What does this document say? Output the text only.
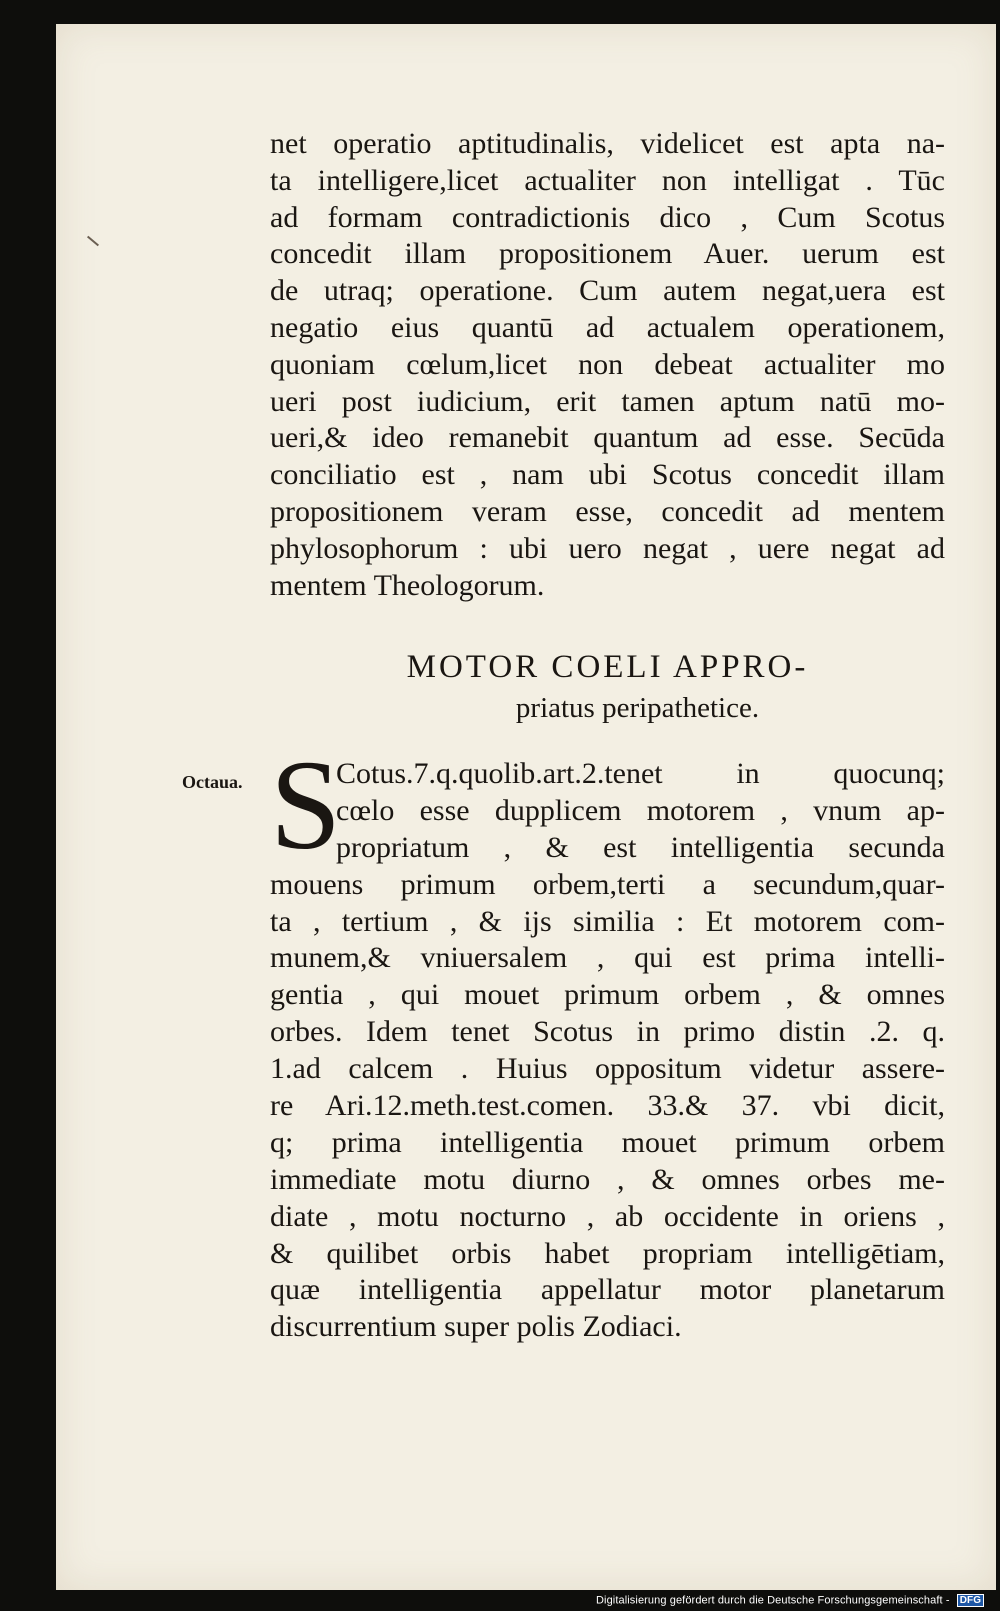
net operatio aptitudinalis, videlicet est apta na-
ta intelligere,licet actualiter non intelligat . Tūc
ad formam contradictionis dico , Cum Scotus
concedit illam propositionem Auer. uerum est
de utraq; operatione. Cum autem negat,uera est
negatio eius quantū ad actualem operationem,
quoniam cœlum,licet non debeat actualiter mo
ueri post iudicium, erit tamen aptum natū mo-
ueri,& ideo remanebit quantum ad esse. Secūda
conciliatio est , nam ubi Scotus concedit illam
propositionem veram esse, concedit ad mentem
phylosophorum : ubi uero negat , uere negat ad
mentem Theologorum.
MOTOR COELI APPRO-
priatus peripathetice.
Octaua. S
Cotus.7.q.quolib.art.2.tenet in quocunq;
cœlo esse dupplicem motorem , vnum ap-
propriatum , & est intelligentia secunda
mouens primum orbem,terti a secundum,quar-
ta , tertium , & ijs similia : Et motorem com-
munem,& vniuersalem , qui est prima intelli-
gentia , qui mouet primum orbem , & omnes
orbes. Idem tenet Scotus in primo distin .2. q.
1.ad calcem . Huius oppositum videtur assere-
re Ari.12.meth.test.comen. 33.& 37. vbi dicit,
q; prima intelligentia mouet primum orbem
immediate motu diurno , & omnes orbes me-
diate , motu nocturno , ab occidente in oriens ,
& quilibet orbis habet propriam intelligētiam,
quæ intelligentia appellatur motor planetarum
discurrentium super polis Zodiaci.
Digitalisierung gefördert durch die Deutsche Forschungsgemeinschaft - DFG
